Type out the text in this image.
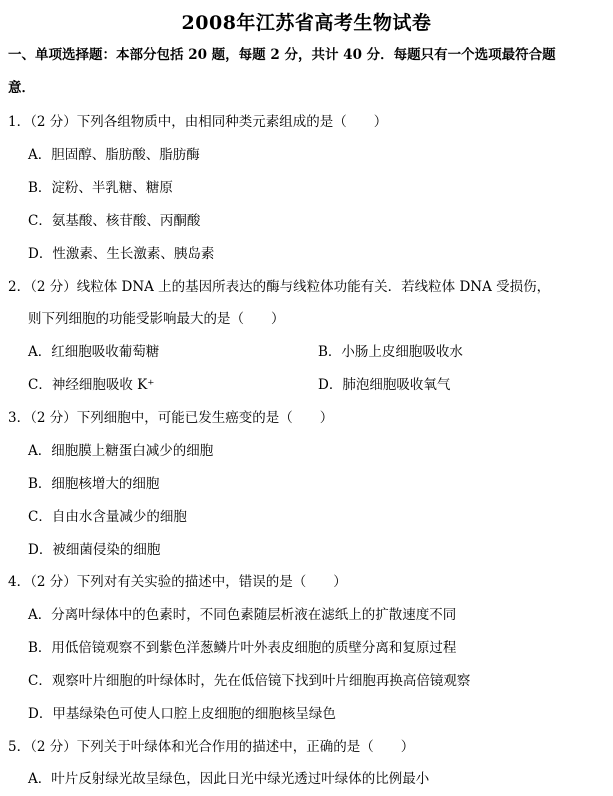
2008年江苏省高考生物试卷
一、单项选择题：本部分包括 20 题，每题 2 分，共计 40 分．每题只有一个选项最符合题
意．
1．（2 分）下列各组物质中，由相同种类元素组成的是（　　）
A．胆固醇、脂肪酸、脂肪酶
B．淀粉、半乳糖、糖原
C．氨基酸、核苷酸、丙酮酸
D．性激素、生长激素、胰岛素
2．（2 分）线粒体 DNA 上的基因所表达的酶与线粒体功能有关．若线粒体 DNA 受损伤，
则下列细胞的功能受影响最大的是（　　）
A．红细胞吸收葡萄糖	B．小肠上皮细胞吸收水
C．神经细胞吸收 K⁺	D．肺泡细胞吸收氧气
3．（2 分）下列细胞中，可能已发生癌变的是（　　）
A．细胞膜上糖蛋白减少的细胞
B．细胞核增大的细胞
C．自由水含量减少的细胞
D．被细菌侵染的细胞
4．（2 分）下列对有关实验的描述中，错误的是（　　）
A．分离叶绿体中的色素时，不同色素随层析液在滤纸上的扩散速度不同
B．用低倍镜观察不到紫色洋葱鳞片叶外表皮细胞的质壁分离和复原过程
C．观察叶片细胞的叶绿体时，先在低倍镜下找到叶片细胞再换高倍镜观察
D．甲基绿染色可使人口腔上皮细胞的细胞核呈绿色
5．（2 分）下列关于叶绿体和光合作用的描述中，正确的是（　　）
A．叶片反射绿光故呈绿色，因此日光中绿光透过叶绿体的比例最小
